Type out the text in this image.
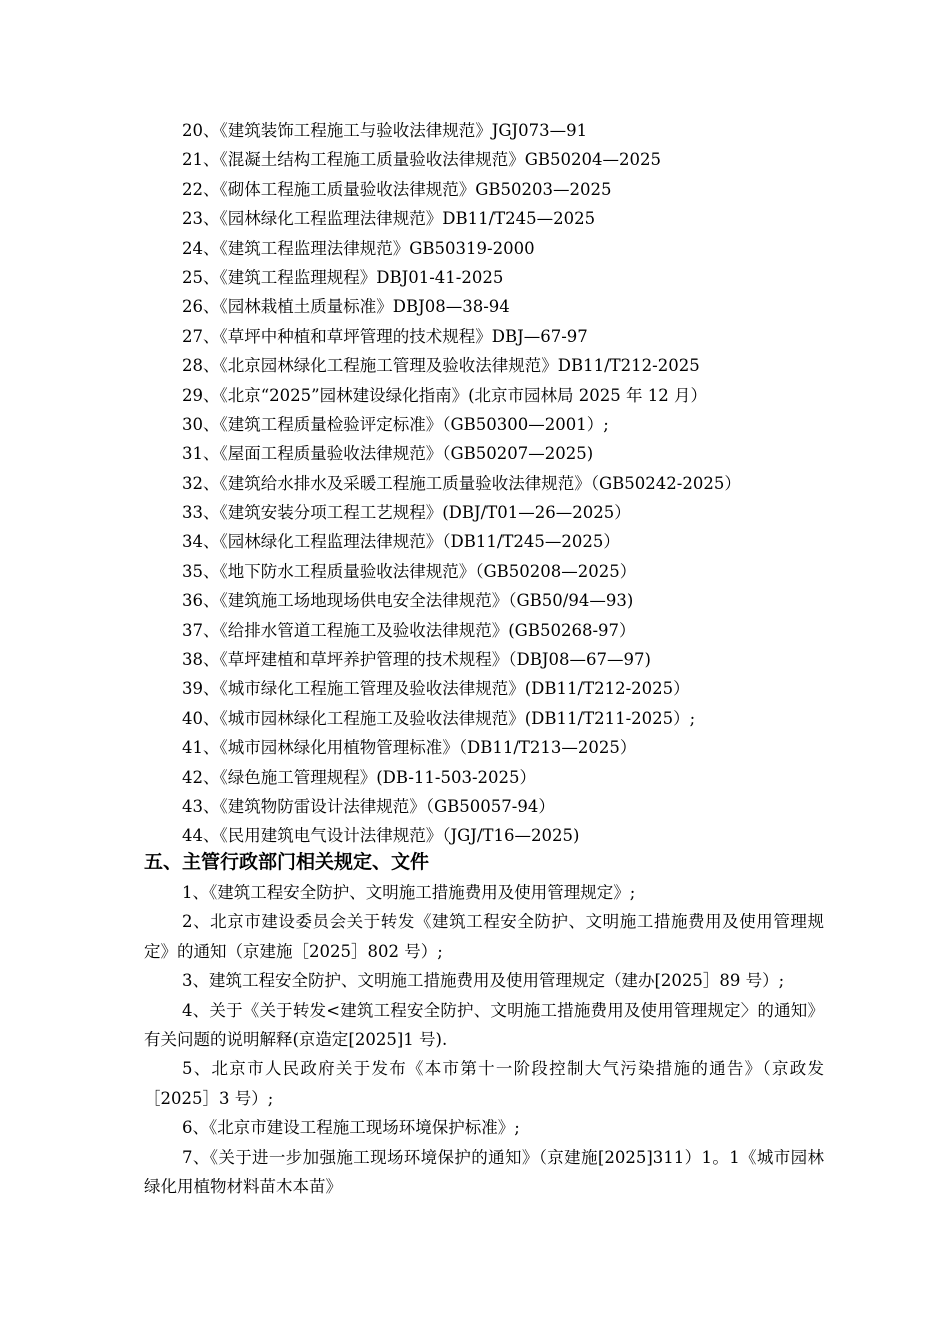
20、《建筑装饰工程施工与验收法律规范》JGJ073—91
21、《混凝土结构工程施工质量验收法律规范》GB50204—2025
22、《砌体工程施工质量验收法律规范》GB50203—2025
23、《园林绿化工程监理法律规范》DB11/T245—2025
24、《建筑工程监理法律规范》GB50319-2000
25、《建筑工程监理规程》DBJ01-41-2025
26、《园林栽植土质量标准》DBJ08—38-94
27、《草坪中种植和草坪管理的技术规程》DBJ—67-97
28、《北京园林绿化工程施工管理及验收法律规范》DB11/T212-2025
29、《北京“2025”园林建设绿化指南》(北京市园林局 2025 年 12 月）
30、《建筑工程质量检验评定标准》（GB50300—2001）;
31、《屋面工程质量验收法律规范》（GB50207—2025)
32、《建筑给水排水及采暖工程施工质量验收法律规范》（GB50242-2025）
33、《建筑安装分项工程工艺规程》(DBJ/T01—26—2025）
34、《园林绿化工程监理法律规范》（DB11/T245—2025）
35、《地下防水工程质量验收法律规范》（GB50208—2025）
36、《建筑施工场地现场供电安全法律规范》（GB50/94—93)
37、《给排水管道工程施工及验收法律规范》(GB50268-97）
38、《草坪建植和草坪养护管理的技术规程》（DBJ08—67—97)
39、《城市绿化工程施工管理及验收法律规范》(DB11/T212-2025）
40、《城市园林绿化工程施工及验收法律规范》(DB11/T211-2025）;
41、《城市园林绿化用植物管理标准》（DB11/T213—2025）
42、《绿色施工管理规程》(DB-11-503-2025）
43、《建筑物防雷设计法律规范》（GB50057-94）
44、《民用建筑电气设计法律规范》（JGJ/T16—2025)
五、主管行政部门相关规定、文件

1、《建筑工程安全防护、文明施工措施费用及使用管理规定》;

2、北京市建设委员会关于转发《建筑工程安全防护、文明施工措施费用及使用管理规定》的通知（京建施［2025］802 号）;

3、建筑工程安全防护、文明施工措施费用及使用管理规定（建办[2025］89 号）;

4、关于《关于转发<建筑工程安全防护、文明施工措施费用及使用管理规定〉的通知》有关问题的说明解释(京造定[2025]1 号).

5、北京市人民政府关于发布《本市第十一阶段控制大气污染措施的通告》（京政发［2025］3 号）;

6、《北京市建设工程施工现场环境保护标准》;

7、《关于进一步加强施工现场环境保护的通知》（京建施[2025]311）1。1《城市园林绿化用植物材料苗木本苗》
